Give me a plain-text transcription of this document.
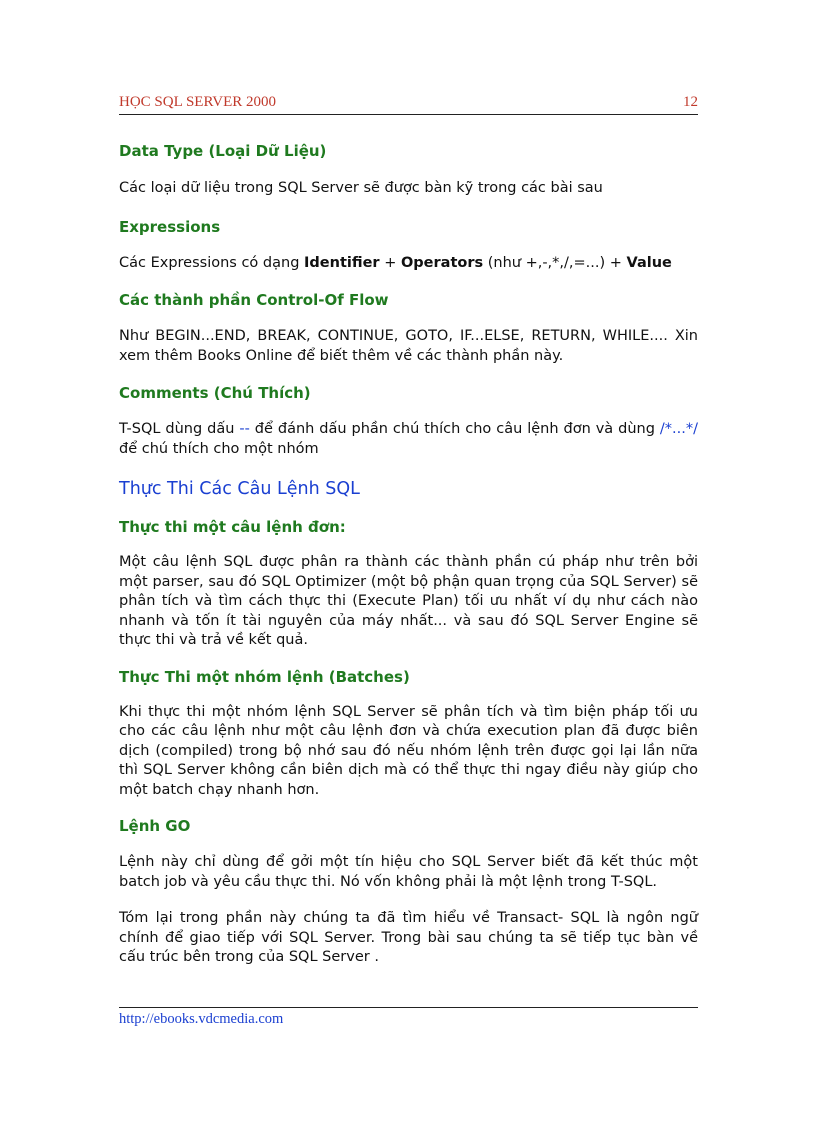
HỌC SQL SERVER 2000	12
Data Type (Loại Dữ Liệu)

Các loại dữ liệu trong SQL Server sẽ được bàn kỹ trong các bài sau

Expressions

Các Expressions có dạng Identifier + Operators (như +,-,*,/,=...) + Value

Các thành phần Control-Of Flow

Như BEGIN...END, BREAK, CONTINUE, GOTO, IF...ELSE, RETURN, WHILE.... Xin xem thêm Books Online để biết thêm về các thành phần này.

Comments (Chú Thích)

T-SQL dùng dấu -- để đánh dấu phần chú thích cho câu lệnh đơn và dùng /*...*/ để chú thích cho một nhóm

Thực Thi Các Câu Lệnh SQL
Thực thi một câu lệnh đơn:

Một câu lệnh SQL được phân ra thành các thành phần cú pháp như trên bởi một parser, sau đó SQL Optimizer (một bộ phận quan trọng của SQL Server) sẽ phân tích và tìm cách thực thi (Execute Plan) tối ưu nhất ví dụ như cách nào nhanh và tốn ít tài nguyên của máy nhất... và sau đó SQL Server Engine sẽ thực thi và trả về kết quả.

Thực Thi một nhóm lệnh (Batches)

Khi thực thi một nhóm lệnh SQL Server sẽ phân tích và tìm biện pháp tối ưu cho các câu lệnh như một câu lệnh đơn và chứa execution plan đã được biên dịch (compiled) trong bộ nhớ sau đó nếu nhóm lệnh trên được gọi lại lần nữa thì SQL Server không cần biên dịch mà có thể thực thi ngay điều này giúp cho một batch chạy nhanh hơn.

Lệnh GO

Lệnh này chỉ dùng để gởi một tín hiệu cho SQL Server biết đã kết thúc một batch job và yêu cầu thực thi. Nó vốn không phải là một lệnh trong T-SQL.

Tóm lại trong phần này chúng ta đã tìm hiểu về Transact- SQL là ngôn ngữ chính để giao tiếp với SQL Server. Trong bài sau chúng ta sẽ tiếp tục bàn về cấu trúc bên trong của SQL Server .

http://ebooks.vdcmedia.com
